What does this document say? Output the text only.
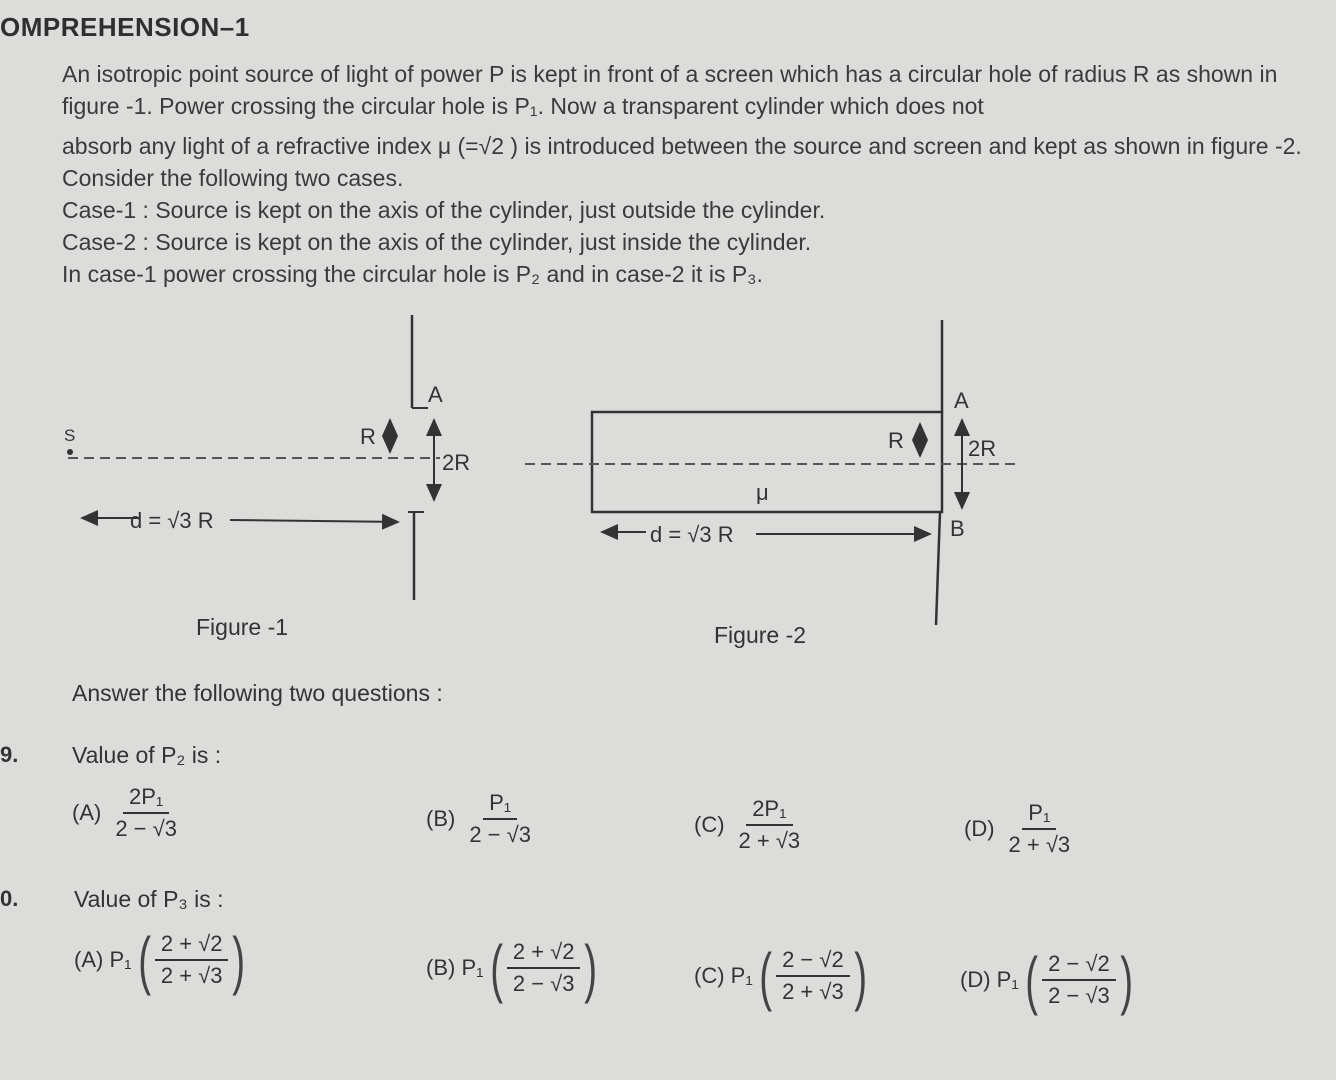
OMPREHENSION–1

An isotropic point source of light of power P is kept in front of a screen which has a circular hole of radius R as shown in figure -1. Power crossing the circular hole is P₁. Now a transparent cylinder which does not

absorb any light of a refractive index μ (=√2 ) is introduced between the source and screen and kept as shown in figure -2. Consider the following two cases.

Case-1 : Source is kept on the axis of the cylinder, just outside the cylinder.

Case-2 : Source is kept on the axis of the cylinder, just inside the cylinder.

In case-1 power crossing the circular hole is P₂ and in case-2 it is P₃.

S	R
A
2R
d = √3 R
Figure -1
R
A
2R
B
μ
d = √3 R
Figure -2
Answer the following two questions :
9. Value of P₂ is :
$(A) \frac{\text{2P₁}}{2 - √3}$	$(B) \frac{\text{P₁}}{2 - √3}$	$(C) \frac{\text{2P₁}}{2 + √3}$	$(D) \frac{\text{P₁}}{2 + √3}$
0. Value of P₃ is :
(A) P₁ ( $\frac{2 + √2}{2 + √3}$ )	(B) P₁ ( $\frac{2 + √2}{2 - √3}$ )	(C) P₁ ( $\frac{2 - √2}{2 + √3}$ )	(D) P₁ ( $\frac{2 - √2}{2 - √3}$ )
